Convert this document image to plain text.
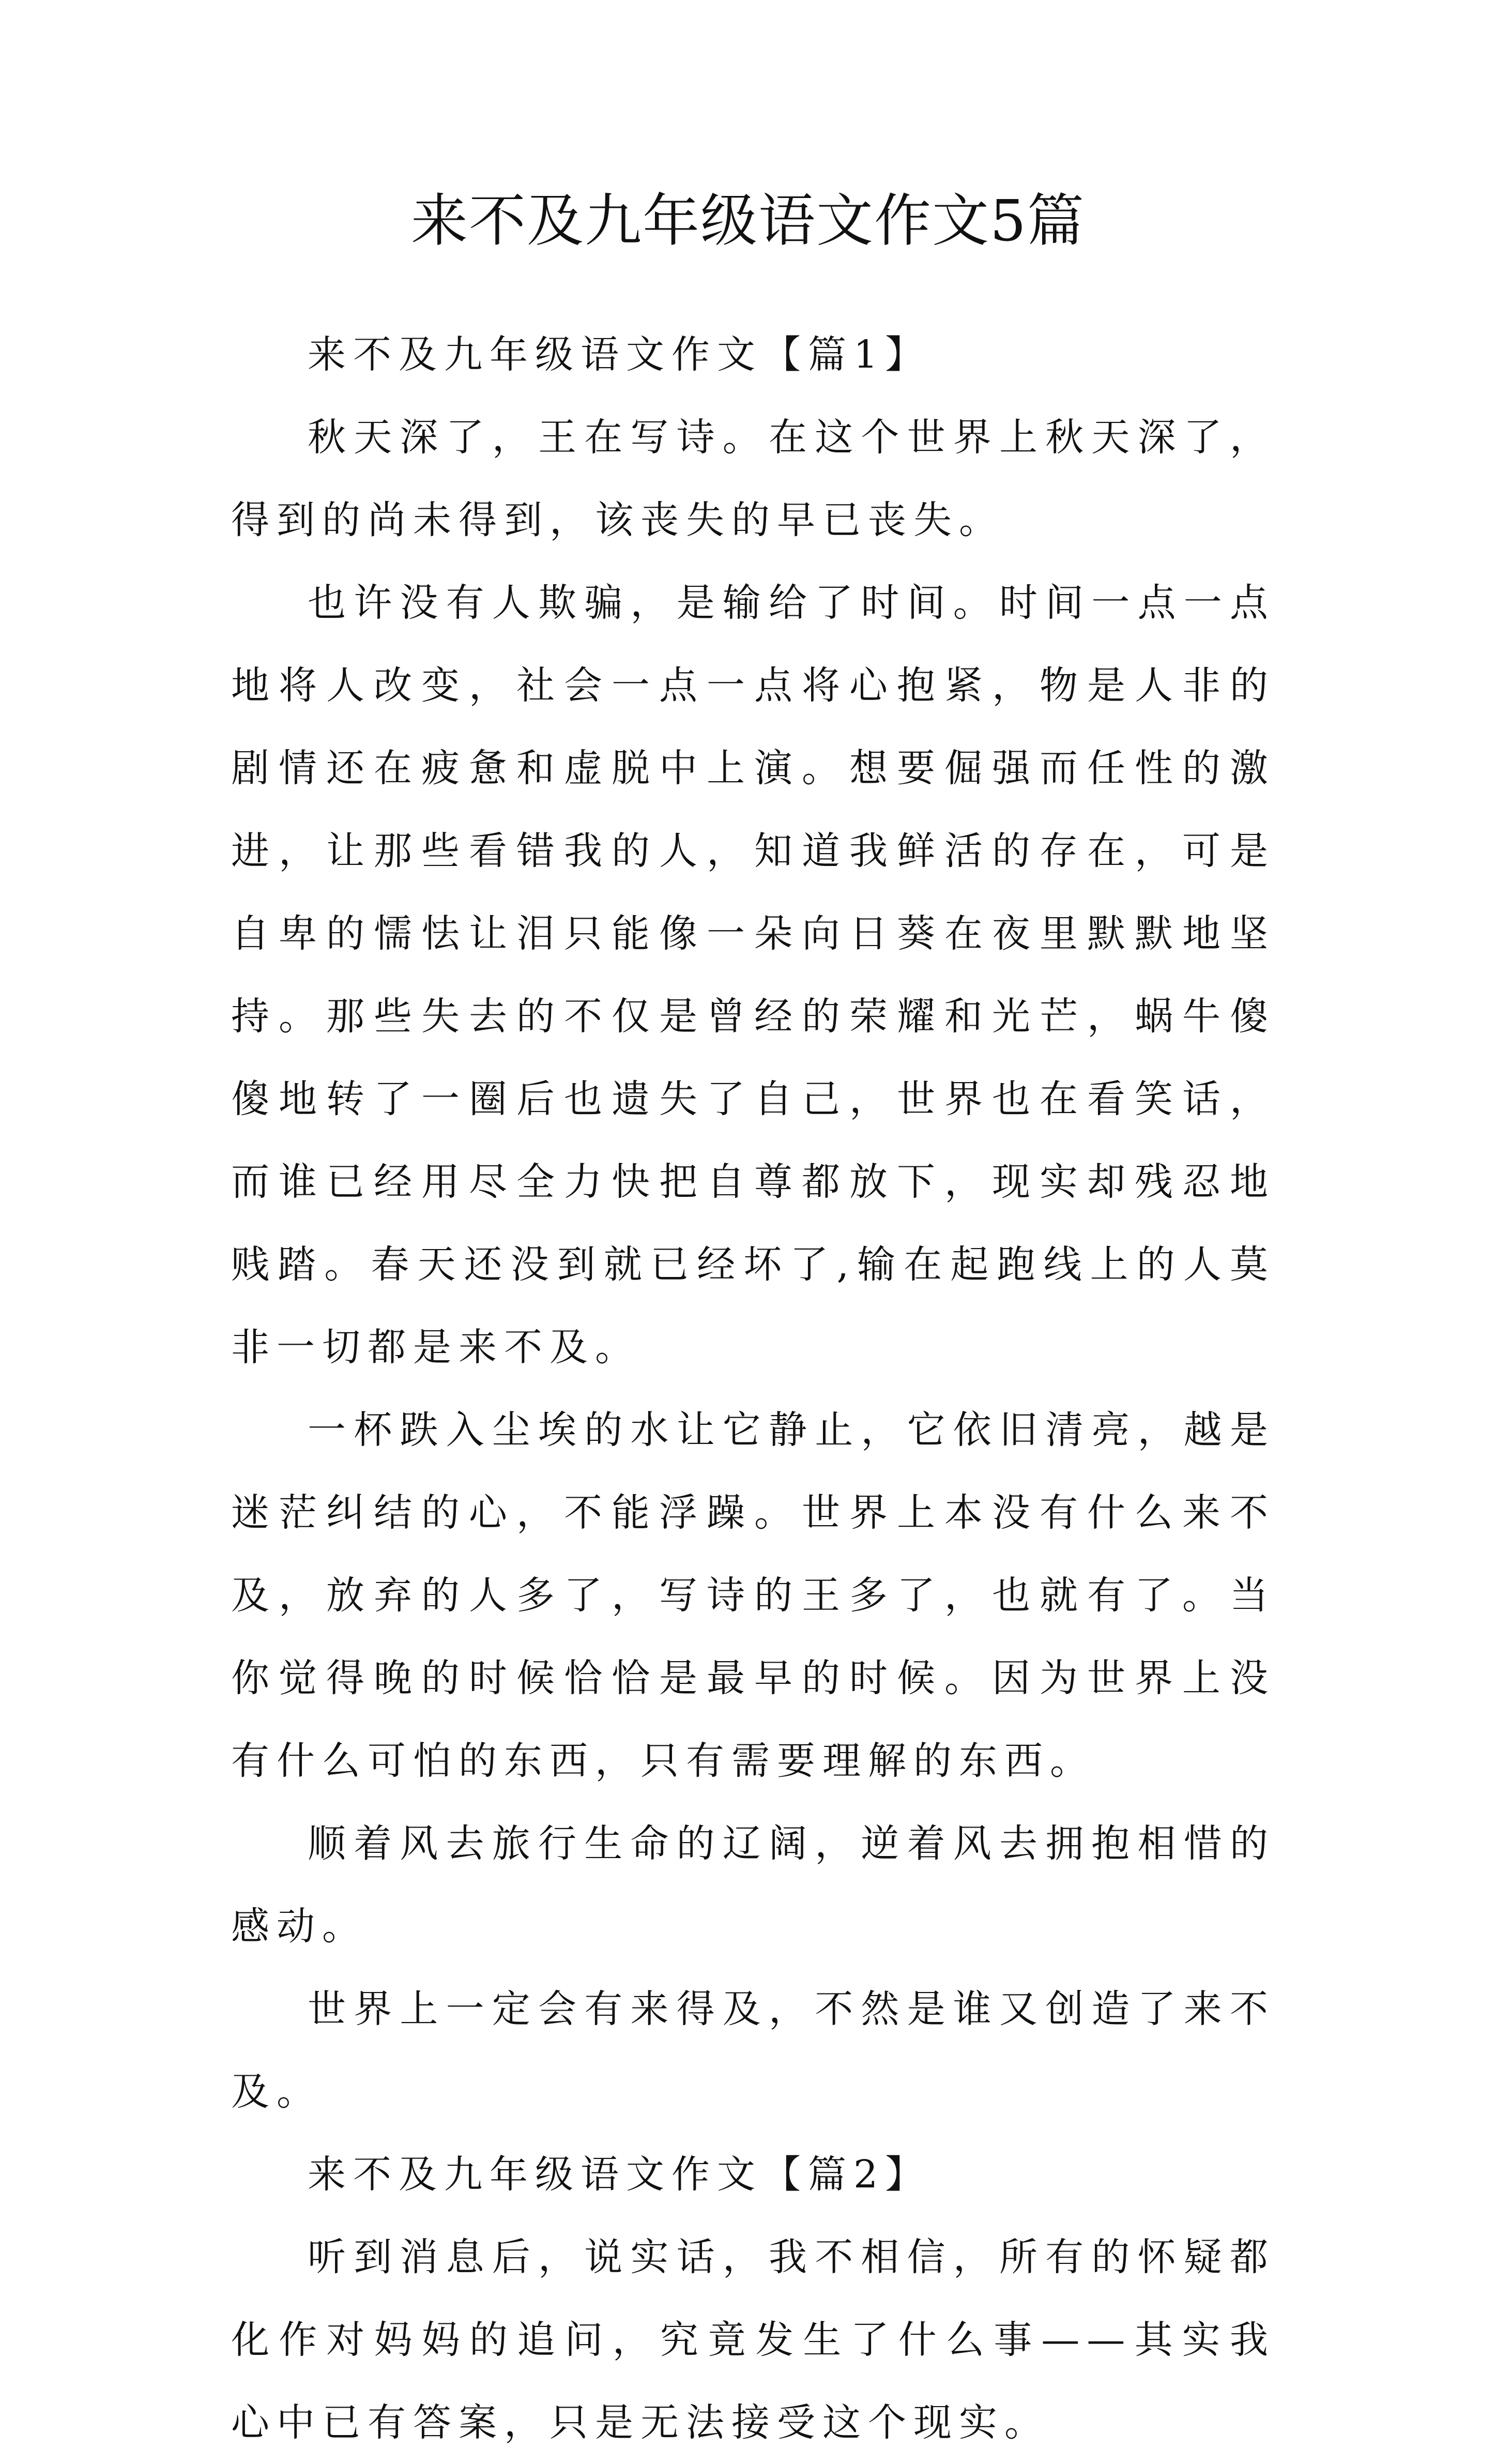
来不及九年级语文作文5篇

来不及九年级语文作文【篇1】

秋天深了，王在写诗。在这个世界上秋天深了，得到的尚未得到，该丧失的早已丧失。

也许没有人欺骗，是输给了时间。时间一点一点地将人改变，社会一点一点将心抱紧，物是人非的剧情还在疲惫和虚脱中上演。想要倔强而任性的激进，让那些看错我的人，知道我鲜活的存在，可是自卑的懦怯让泪只能像一朵向日葵在夜里默默地坚持。那些失去的不仅是曾经的荣耀和光芒，蜗牛傻傻地转了一圈后也遗失了自己，世界也在看笑话，而谁已经用尽全力快把自尊都放下，现实却残忍地贱踏。春天还没到就已经坏了,输在起跑线上的人莫非一切都是来不及。

一杯跌入尘埃的水让它静止，它依旧清亮，越是迷茫纠结的心，不能浮躁。世界上本没有什么来不及，放弃的人多了，写诗的王多了，也就有了。当你觉得晚的时候恰恰是最早的时候。因为世界上没有什么可怕的东西，只有需要理解的东西。

顺着风去旅行生命的辽阔，逆着风去拥抱相惜的感动。

世界上一定会有来得及，不然是谁又创造了来不及。

来不及九年级语文作文【篇2】

听到消息后，说实话，我不相信，所有的怀疑都化作对妈妈的追问，究竟发生了什么事——其实我心中已有答案，只是无法接受这个现实。
